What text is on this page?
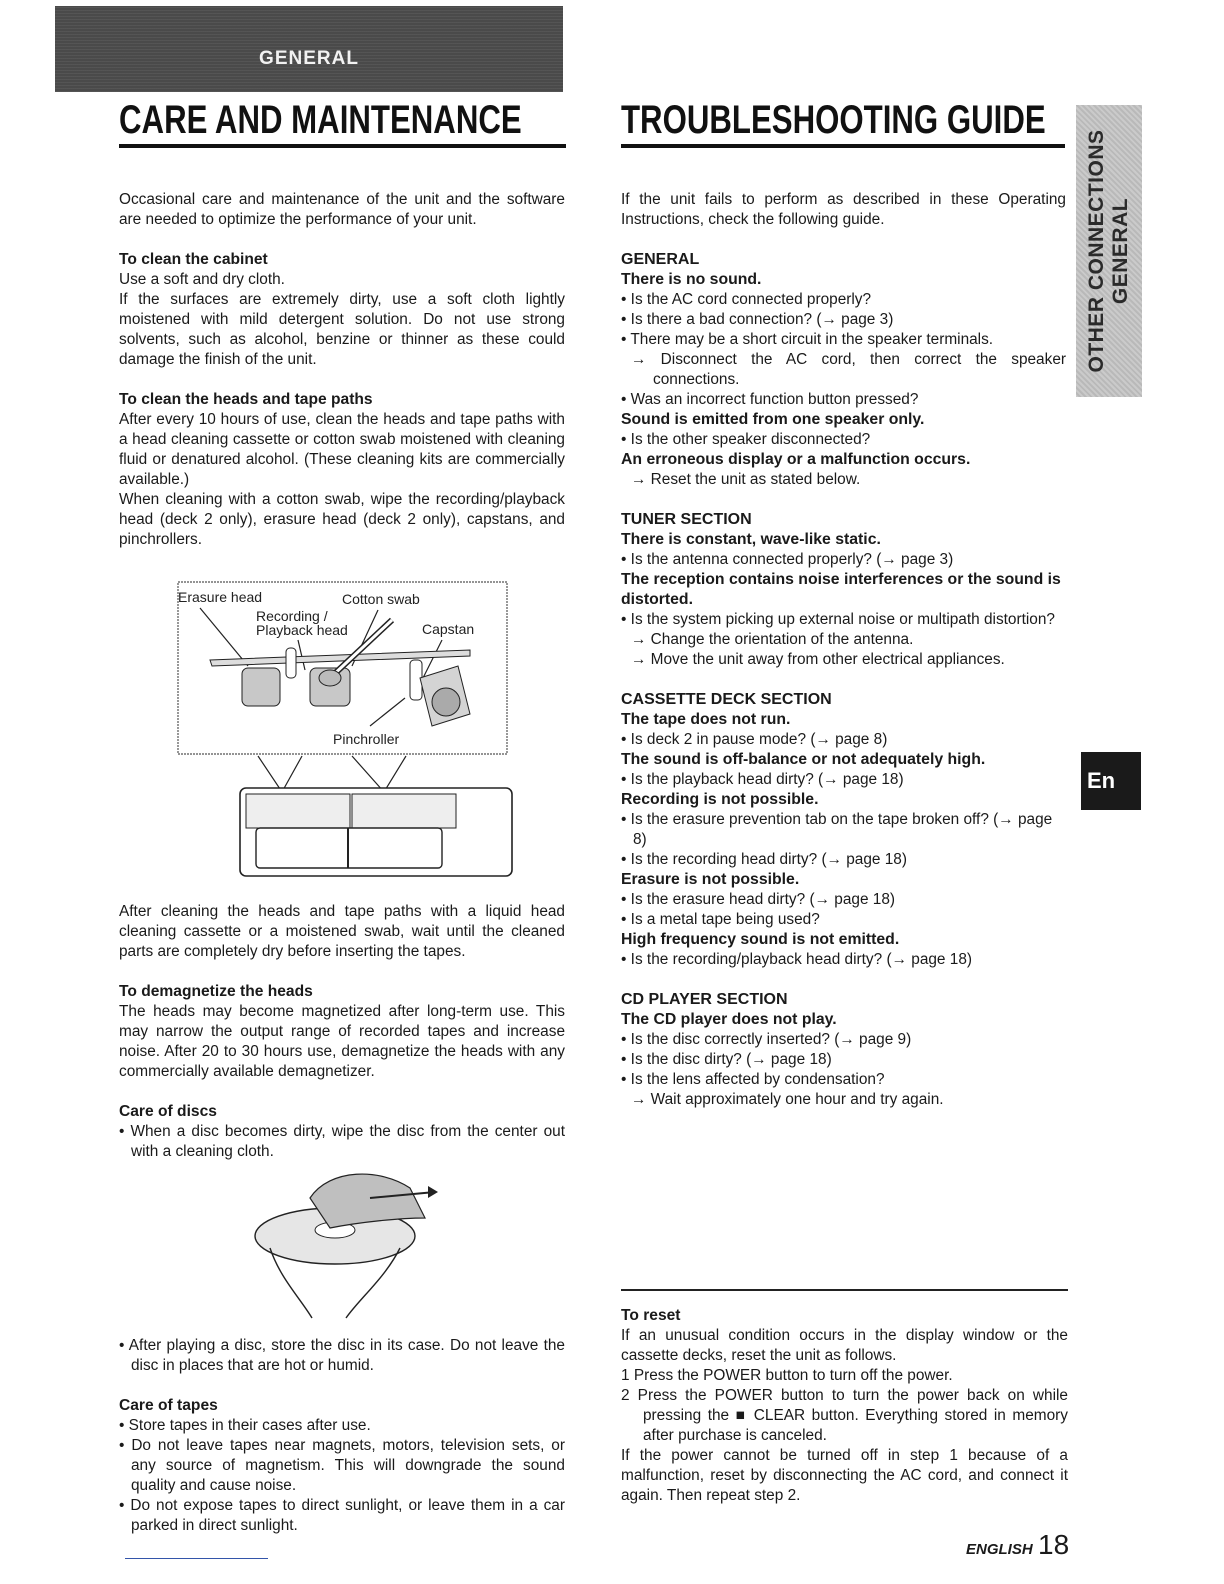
GENERAL
CARE AND MAINTENANCE TROUBLESHOOTING GUIDE
OTHER CONNECTIONS GENERAL
En

Occasional care and maintenance of the unit and the software are needed to optimize the performance of your unit.

To clean the cabinet

Use a soft and dry cloth.

If the surfaces are extremely dirty, use a soft cloth lightly moistened with mild detergent solution. Do not use strong solvents, such as alcohol, benzine or thinner as these could damage the finish of the unit.

To clean the heads and tape paths

After every 10 hours of use, clean the heads and tape paths with a head cleaning cassette or cotton swab moistened with cleaning fluid or denatured alcohol. (These cleaning kits are commercially available.)

When cleaning with a cotton swab, wipe the recording/playback head (deck 2 only), erasure head (deck 2 only), capstans, and pinchrollers.

Erasure head	Cotton swab
Recording /
Playback head	Capstan
Pinchroller

After cleaning the heads and tape paths with a liquid head cleaning cassette or a moistened swab, wait until the cleaned parts are completely dry before inserting the tapes.

To demagnetize the heads

The heads may become magnetized after long-term use. This may narrow the output range of recorded tapes and increase noise. After 20 to 30 hours use, demagnetize the heads with any commercially available demagnetizer.

Care of discs

• When a disc becomes dirty, wipe the disc from the center out with a cleaning cloth.

• After playing a disc, store the disc in its case. Do not leave the disc in places that are hot or humid.

Care of tapes

• Store tapes in their cases after use.

• Do not leave tapes near magnets, motors, television sets, or any source of magnetism. This will downgrade the sound quality and cause noise.

• Do not expose tapes to direct sunlight, or leave them in a car parked in direct sunlight.

If the unit fails to perform as described in these Operating Instructions, check the following guide.

GENERAL

There is no sound.

• Is the AC cord connected properly?

• Is there a bad connection? (→ page 3)

• There may be a short circuit in the speaker terminals.

→ Disconnect the AC cord, then correct the speaker connections.

• Was an incorrect function button pressed?

Sound is emitted from one speaker only.

• Is the other speaker disconnected?

An erroneous display or a malfunction occurs.

→ Reset the unit as stated below.

TUNER SECTION

There is constant, wave-like static.

• Is the antenna connected properly? (→ page 3)

The reception contains noise interferences or the sound is distorted.

• Is the system picking up external noise or multipath distortion?

→ Change the orientation of the antenna.

→ Move the unit away from other electrical appliances.

CASSETTE DECK SECTION

The tape does not run.

• Is deck 2 in pause mode? (→ page 8)

The sound is off-balance or not adequately high.

• Is the playback head dirty? (→ page 18)

Recording is not possible.

• Is the erasure prevention tab on the tape broken off? (→ page 8)

• Is the recording head dirty? (→ page 18)

Erasure is not possible.

• Is the erasure head dirty? (→ page 18)

• Is a metal tape being used?

High frequency sound is not emitted.

• Is the recording/playback head dirty? (→ page 18)

CD PLAYER SECTION

The CD player does not play.

• Is the disc correctly inserted? (→ page 9)

• Is the disc dirty? (→ page 18)

• Is the lens affected by condensation?

→ Wait approximately one hour and try again.

To reset

If an unusual condition occurs in the display window or the cassette decks, reset the unit as follows.

1 Press the POWER button to turn off the power.

2 Press the POWER button to turn the power back on while pressing the ■ CLEAR button. Everything stored in memory after purchase is canceled.

If the power cannot be turned off in step 1 because of a malfunction, reset by disconnecting the AC cord, and connect it again. Then repeat step 2.

ENGLISH 18
